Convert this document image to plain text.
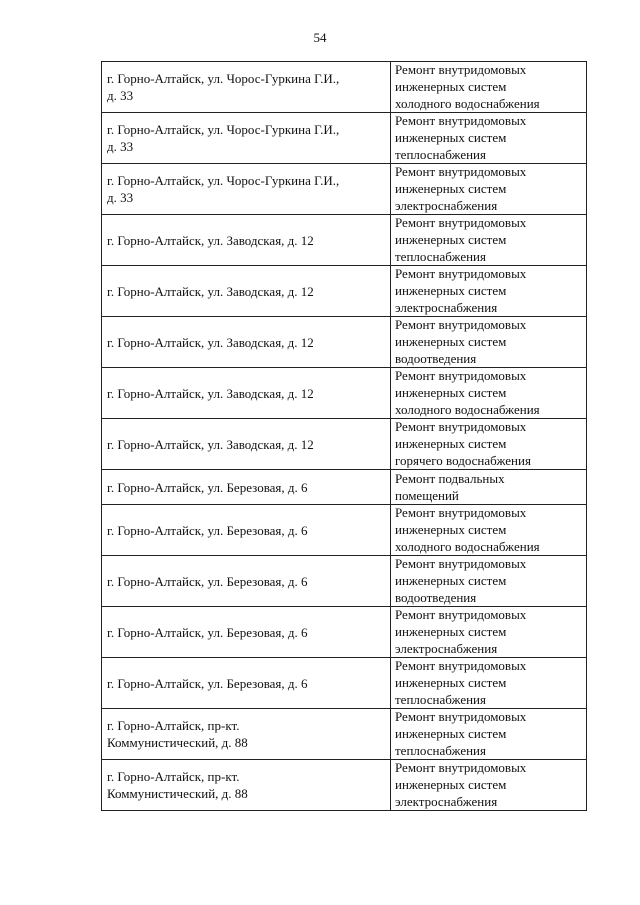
54
г. Горно-Алтайск, ул. Чорос-Гуркина Г.И.,
д. 33	Ремонт внутридомовых
инженерных систем
холодного водоснабжения

г. Горно-Алтайск, ул. Чорос-Гуркина Г.И.,
д. 33	Ремонт внутридомовых
инженерных систем
теплоснабжения

г. Горно-Алтайск, ул. Чорос-Гуркина Г.И.,
д. 33	Ремонт внутридомовых
инженерных систем
электроснабжения

г. Горно-Алтайск, ул. Заводская, д. 12	Ремонт внутридомовых
инженерных систем
теплоснабжения

г. Горно-Алтайск, ул. Заводская, д. 12	Ремонт внутридомовых
инженерных систем
электроснабжения

г. Горно-Алтайск, ул. Заводская, д. 12	Ремонт внутридомовых
инженерных систем
водоотведения

г. Горно-Алтайск, ул. Заводская, д. 12	Ремонт внутридомовых
инженерных систем
холодного водоснабжения

г. Горно-Алтайск, ул. Заводская, д. 12	Ремонт внутридомовых
инженерных систем
горячего водоснабжения

г. Горно-Алтайск, ул. Березовая, д. 6	Ремонт подвальных
помещений

г. Горно-Алтайск, ул. Березовая, д. 6	Ремонт внутридомовых
инженерных систем
холодного водоснабжения

г. Горно-Алтайск, ул. Березовая, д. 6	Ремонт внутридомовых
инженерных систем
водоотведения

г. Горно-Алтайск, ул. Березовая, д. 6	Ремонт внутридомовых
инженерных систем
электроснабжения

г. Горно-Алтайск, ул. Березовая, д. 6	Ремонт внутридомовых
инженерных систем
теплоснабжения

г. Горно-Алтайск, пр-кт.
Коммунистический, д. 88	Ремонт внутридомовых
инженерных систем
теплоснабжения

г. Горно-Алтайск, пр-кт.
Коммунистический, д. 88	Ремонт внутридомовых
инженерных систем
электроснабжения
